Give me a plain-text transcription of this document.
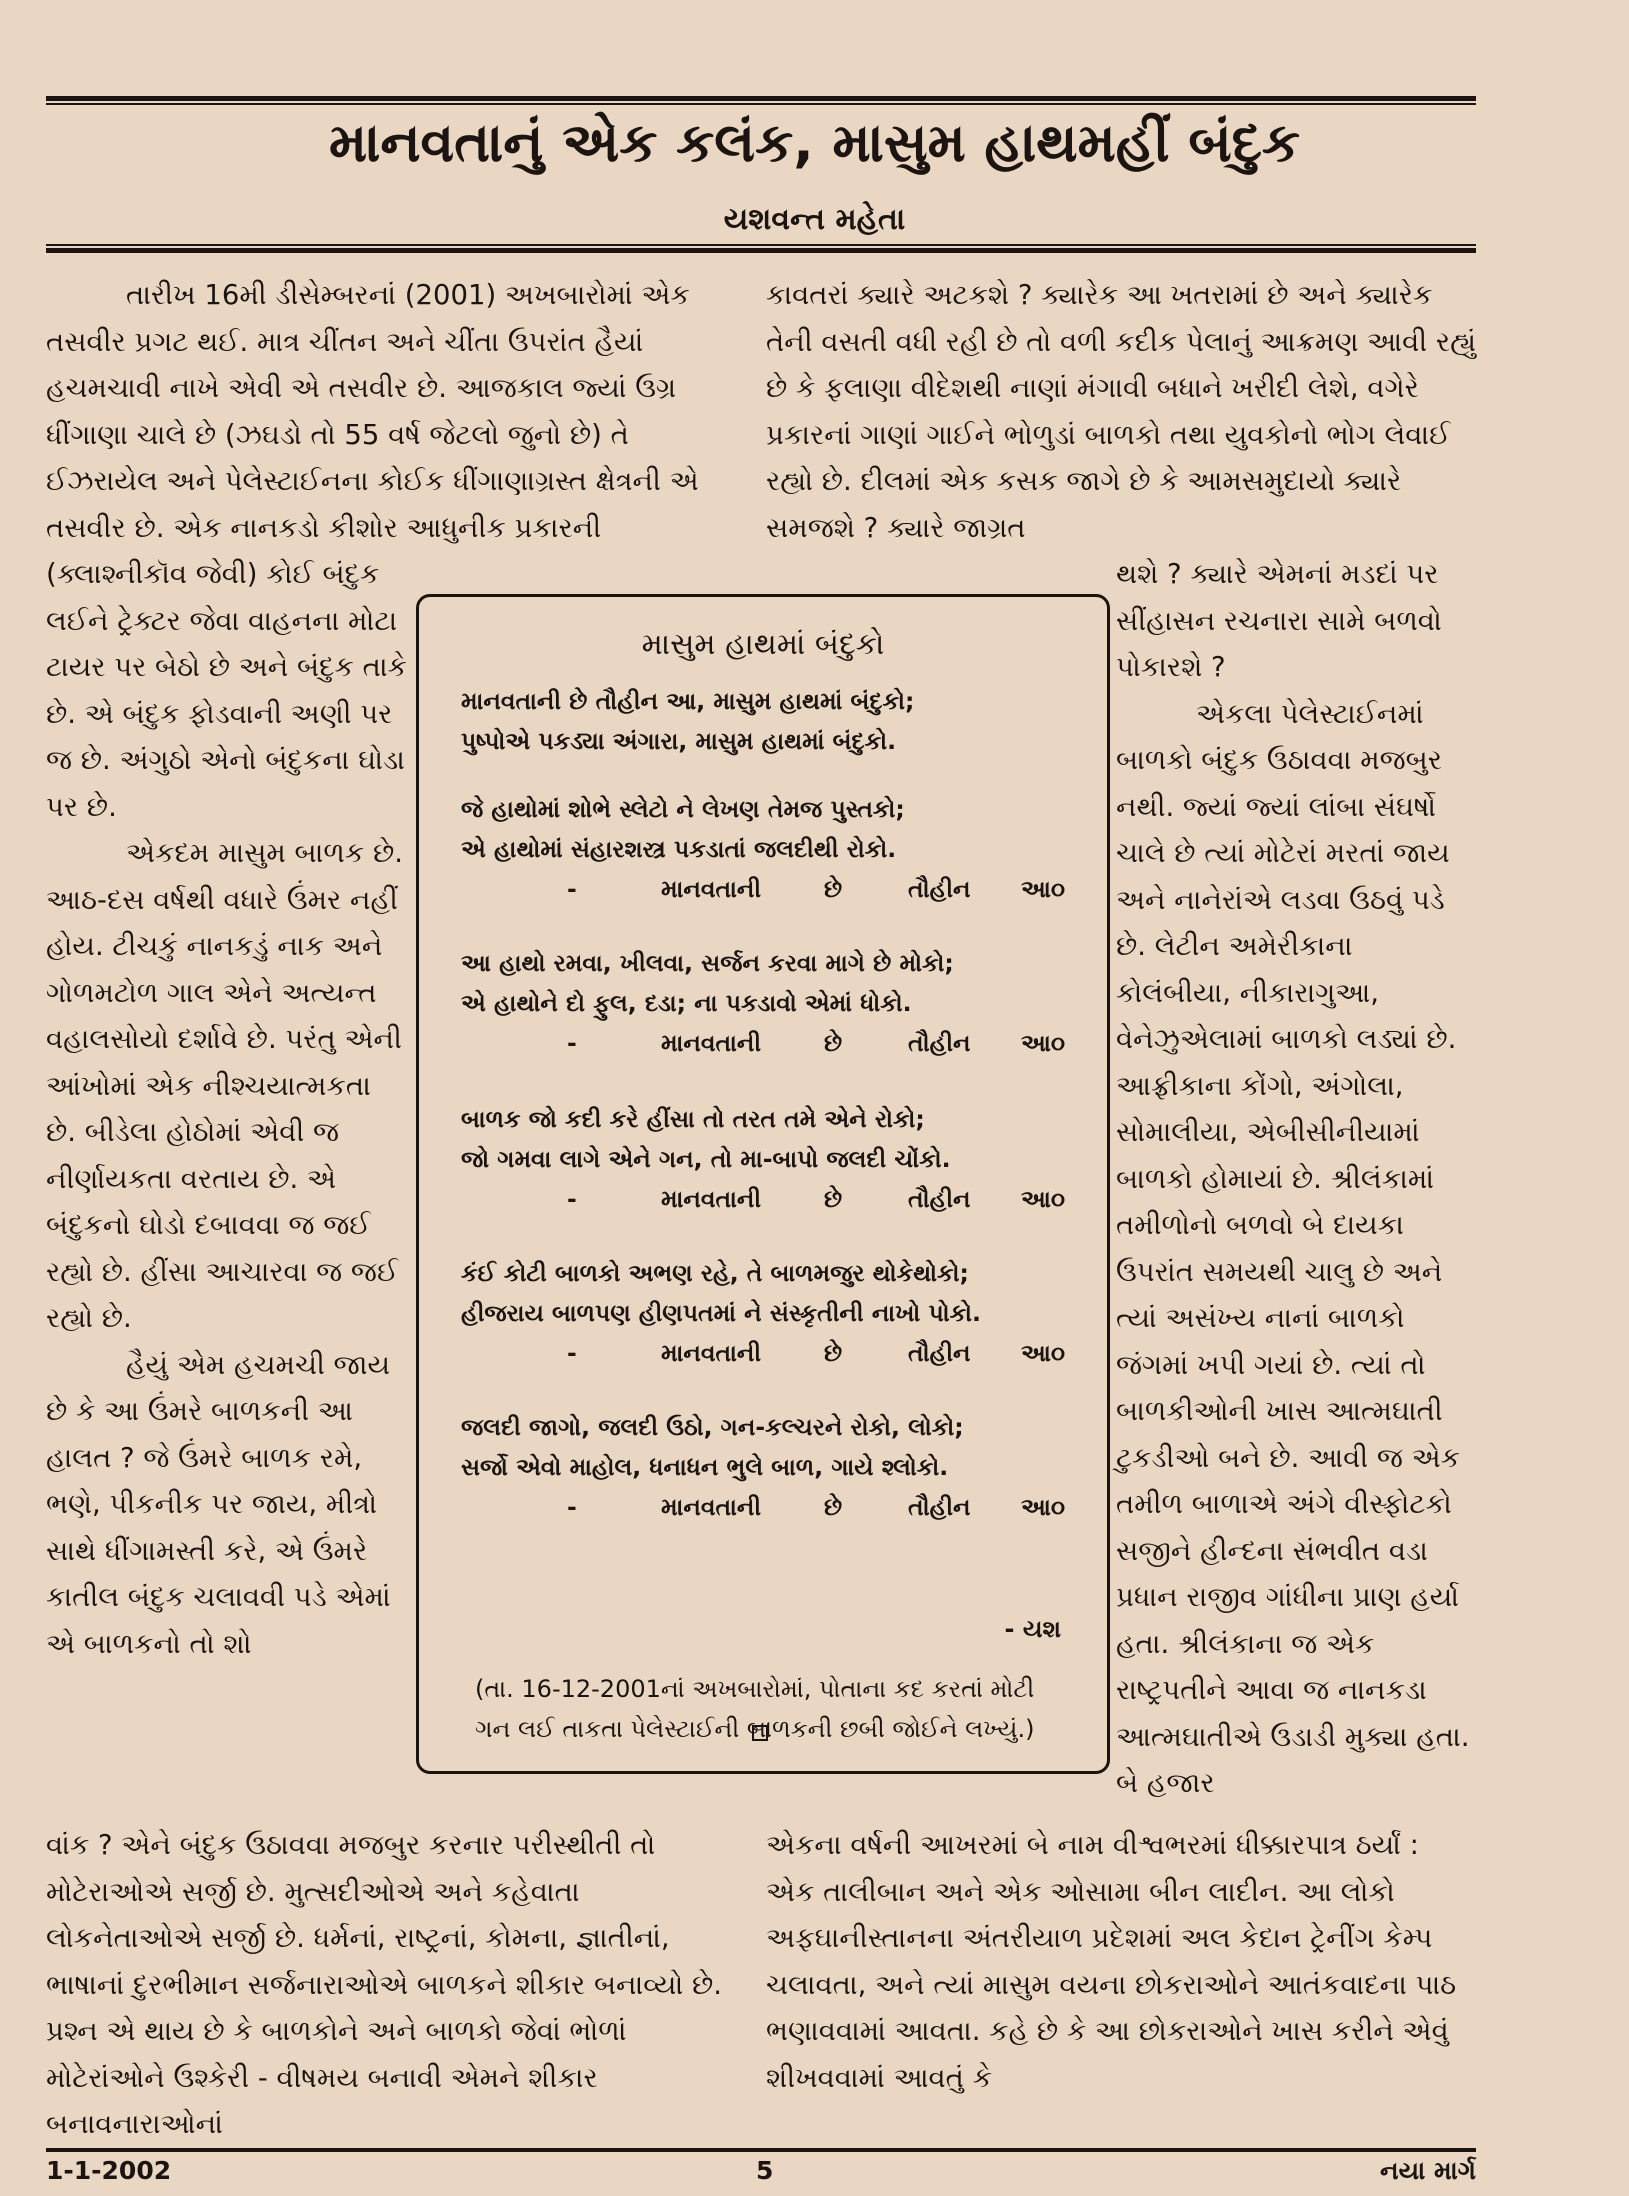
માનવતાનું એક કલંક, માસુમ હાથમહીં બંદુક
યશવન્ત મહેતા

તારીખ 16મી ડીસેમ્બરનાં (2001) અખબારોમાં એક તસવીર પ્રગટ થઈ. માત્ર ચીંતન અને ચીંતા ઉપરાંત હૈયાં હચમચાવી નાખે એવી એ તસવીર છે. આજકાલ જ્યાં ઉગ્ર ધીંગાણા ચાલે છે (ઝઘડો તો 55 વર્ષ જેટલો જુનો છે) તે ઈઝરાયેલ અને પેલેસ્ટાઈનના કોઈક ધીંગાણાગ્રસ્ત ક્ષેત્રની એ તસવીર છે. એક નાનકડો કીશોર આધુનીક પ્રકારની

(ક્લાશ્નીકૉવ જેવી) કોઈ બંદુક લઈને ટ્રેક્ટર જેવા વાહનના મોટા ટાયર પર બેઠો છે અને બંદુક તાકે છે. એ બંદુક ફોડવાની અણી પર જ છે. અંગુઠો એનો બંદુકના ઘોડા પર છે.

એકદમ માસુમ બાળક છે. આઠ-દસ વર્ષથી વધારે ઉંમર નહીં હોય. ટીચકું નાનકડું નાક અને ગોળમટોળ ગાલ એને અત્યન્ત વહાલસોયો દર્શાવે છે. પરંતુ એની આંખોમાં એક નીશ્ચયાત્મકતા છે. બીડેલા હોઠોમાં એવી જ નીર્ણાયકતા વરતાય છે. એ બંદુકનો ઘોડો દબાવવા જ જઈ રહ્યો છે. હીંસા આચારવા જ જઈ રહ્યો છે.

હૈયું એમ હચમચી જાય છે કે આ ઉંમરે બાળકની આ હાલત ? જે ઉંમરે બાળક રમે, ભણે, પીકનીક પર જાય, મીત્રો સાથે ધીંગામસ્તી કરે, એ ઉંમરે કાતીલ બંદુક ચલાવવી પડે એમાં એ બાળકનો તો શો

કાવતરાં ક્યારે અટકશે ? ક્યારેક આ ખતરામાં છે અને ક્યારેક તેની વસતી વધી રહી છે તો વળી કદીક પેલાનું આક્રમણ આવી રહ્યું છે કે ફલાણા વીદેશથી નાણાં મંગાવી બધાને ખરીદી લેશે, વગેરે પ્રકારનાં ગાણાં ગાઈને ભોળુડાં બાળકો તથા યુવકોનો ભોગ લેવાઈ રહ્યો છે. દીલમાં એક કસક જાગે છે કે આમસમુદાયો ક્યારે સમજશે ? ક્યારે જાગ્રત

થશે ? ક્યારે એમનાં મડદાં પર સીંહાસન રચનારા સામે બળવો પોકારશે ?

એકલા પેલેસ્ટાઈનમાં બાળકો બંદુક ઉઠાવવા મજબુર નથી. જ્યાં જ્યાં લાંબા સંઘર્ષો ચાલે છે ત્યાં મોટેરાં મરતાં જાય અને નાનેરાંએ લડવા ઉઠવું પડે છે. લેટીન અમેરીકાના કોલંબીયા, નીકારાગુઆ, વેનેઝુએલામાં બાળકો લડ્યાં છે. આફ્રીકાના કોંગો, અંગોલા, સોમાલીયા, એબીસીનીયામાં બાળકો હોમાયાં છે. શ્રીલંકામાં તમીળોનો બળવો બે દાયકા ઉપરાંત સમયથી ચાલુ છે અને ત્યાં અસંખ્ય નાનાં બાળકો જંગમાં ખપી ગયાં છે. ત્યાં તો બાળકીઓની ખાસ આત્મઘાતી ટુકડીઓ બને છે. આવી જ એક તમીળ બાળાએ અંગે વીસ્ફોટકો સજીને હીન્દના સંભવીત વડા પ્રધાન રાજીવ ગાંધીના પ્રાણ હર્યા હતા. શ્રીલંકાના જ એક રાષ્ટ્રપતીને આવા જ નાનકડા આત્મઘાતીએ ઉડાડી મુક્યા હતા. બે હજાર

વાંક ? એને બંદુક ઉઠાવવા મજબુર કરનાર પરીસ્થીતી તો મોટેરાઓએ સર્જી છે. મુત્સદીઓએ અને કહેવાતા લોકનેતાઓએ સર્જી છે. ધર્મનાં, રાષ્ટ્રનાં, કોમના, જ્ઞાતીનાં, ભાષાનાં દુરભીમાન સર્જનારાઓએ બાળકને શીકાર બનાવ્યો છે. પ્રશ્ન એ થાય છે કે બાળકોને અને બાળકો જેવાં ભોળાં મોટેરાંઓને ઉશ્કેરી - વીષમય બનાવી એમને શીકાર બનાવનારાઓનાં

એકના વર્ષની આખરમાં બે નામ વીશ્વભરમાં ધીક્કારપાત્ર ઠર્યાં : એક તાલીબાન અને એક ઓસામા બીન લાદીન. આ લોકો અફઘાનીસ્તાનના અંતરીયાળ પ્રદેશમાં અલ કેદાન ટ્રેનીંગ કેમ્પ ચલાવતા, અને ત્યાં માસુમ વયના છોકરાઓને આતંકવાદના પાઠ ભણાવવામાં આવતા. કહે છે કે આ છોકરાઓને ખાસ કરીને એવું શીખવવામાં આવતું કે

માસુમ હાથમાં બંદુકો
માનવતાની છે તૌહીન આ, માસુમ હાથમાં બંદુકો;
પુષ્પોએ પકડ્યા અંગારા, માસુમ હાથમાં બંદુકો.
જે હાથોમાં શોભે સ્લેટો ને લેખણ તેમજ પુસ્તકો;
એ હાથોમાં સંહારશસ્ત્ર પકડાતાં જલદીથી રોકો.
-	માનવતાની	છે	તૌહીન આ૦
આ હાથો રમવા, ખીલવા, સર્જન કરવા માગે છે મોકો;
એ હાથોને દો ફુલ, દડા; ના પકડાવો એમાં ધોકો.
-	માનવતાની	છે	તૌહીન આ૦
બાળક જો કદી કરે હીંસા તો તરત તમે એને રોકો;
જો ગમવા લાગે એને ગન, તો મા-બાપો જલદી ચોંકો.
-	માનવતાની	છે	તૌહીન આ૦
કંઈ કોટી બાળકો અભણ રહે, તે બાળમજુર થોકેથોકો;
હીજરાય બાળપણ હીણપતમાં ને સંસ્કૃતીની નાખો પોકો.
-	માનવતાની	છે	તૌહીન આ૦
જલદી જાગો, જલદી ઉઠો, ગન-કલ્ચરને રોકો, લોકો;
સર્જો એવો માહોલ, ધનાધન ભુલે બાળ, ગાયે શ્લોકો.
-	માનવતાની	છે	તૌહીન આ૦
- યશ
(તા. 16-12-2001નાં અખબારોમાં, પોતાના કદ કરતાં મોટી ગન લઈ તાકતા પેલેસ્ટાઈની બાળકની છબી જોઈને લખ્યું.)
1-1-2002	5	નયા માર્ગ
